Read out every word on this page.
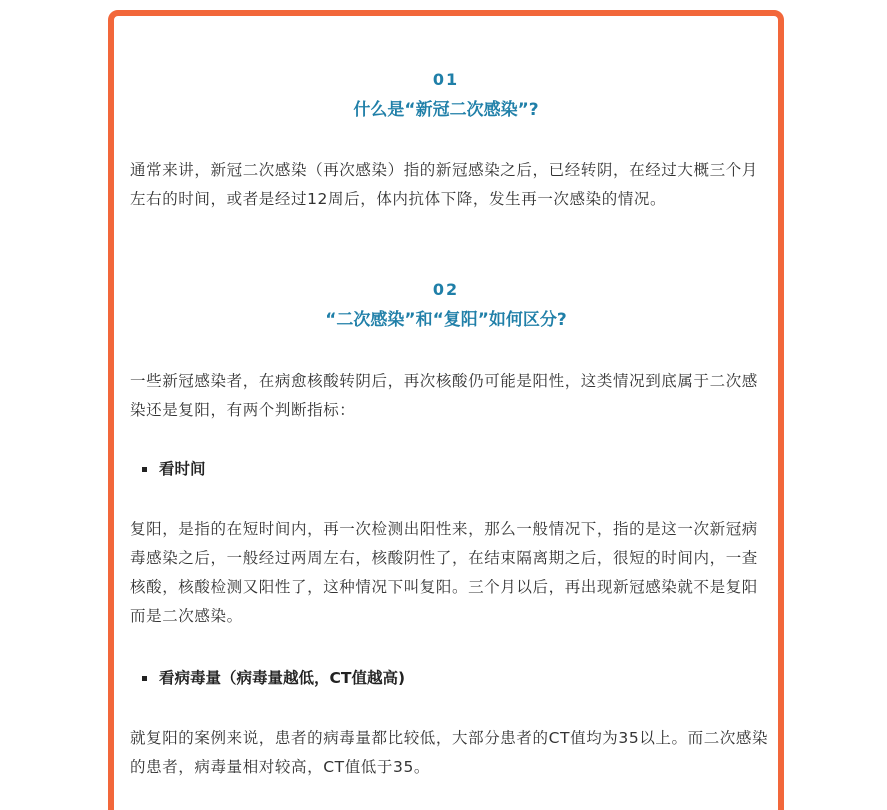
01
什么是“新冠二次感染”?

通常来讲，新冠二次感染（再次感染）指的新冠感染之后，已经转阴，在经过大概三个月左右的时间，或者是经过12周后，体内抗体下降，发生再一次感染的情况。

02
“二次感染”和“复阳”如何区分?

一些新冠感染者，在病愈核酸转阴后，再次核酸仍可能是阳性，这类情况到底属于二次感染还是复阳，有两个判断指标：

看时间

复阳，是指的在短时间内，再一次检测出阳性来，那么一般情况下，指的是这一次新冠病毒感染之后，一般经过两周左右，核酸阴性了，在结束隔离期之后，很短的时间内，一查核酸，核酸检测又阳性了，这种情况下叫复阳。三个月以后，再出现新冠感染就不是复阳而是二次感染。

看病毒量（病毒量越低，CT值越高)

就复阳的案例来说，患者的病毒量都比较低，大部分患者的CT值均为35以上。而二次感染的患者，病毒量相对较高，CT值低于35。
